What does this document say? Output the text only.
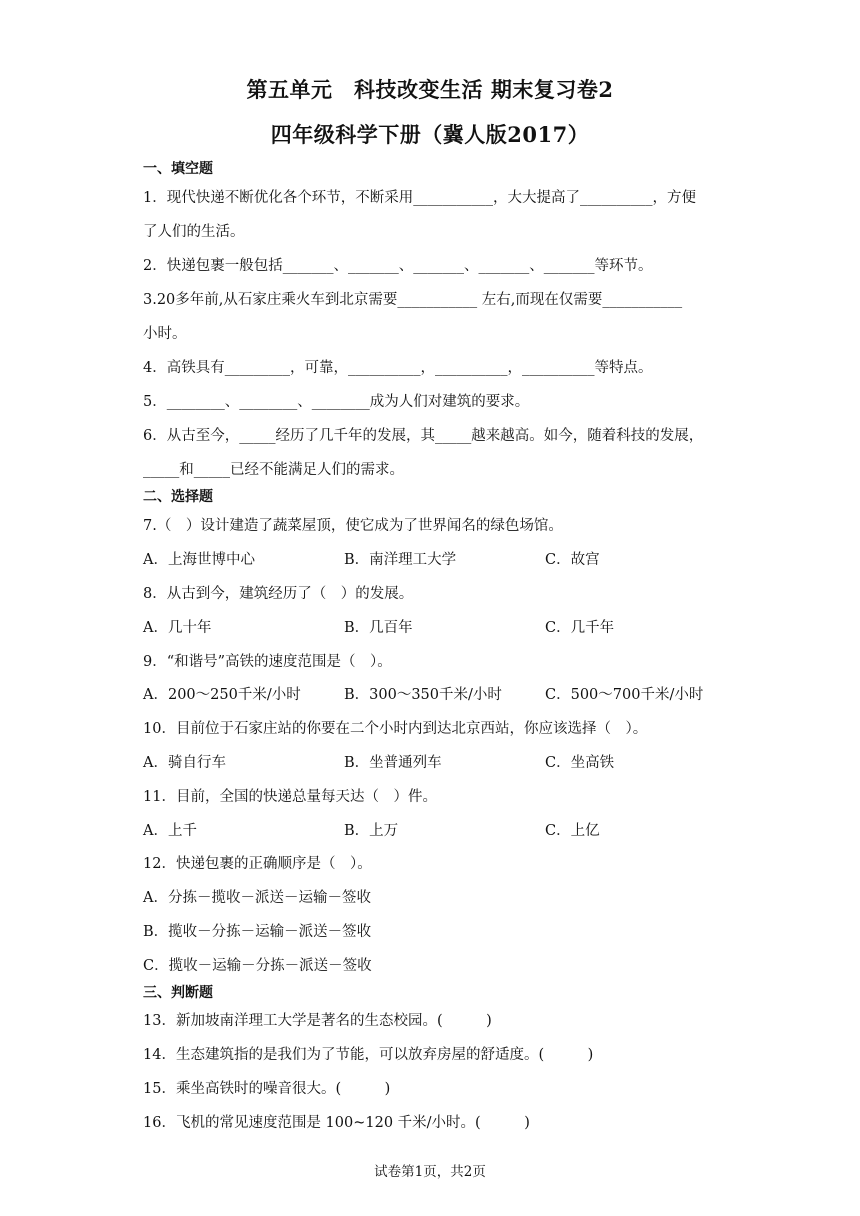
第五单元　科技改变生活 期末复习卷2
四年级科学下册（冀人版2017）
一、填空题
1．现代快递不断优化各个环节，不断采用___________，大大提高了__________，方便
了人们的生活。
2．快递包裹一般包括_______、_______、_______、_______、_______等环节。
3.20多年前,从石家庄乘火车到北京需要___________ 左右,而现在仅需要___________
小时。
4．高铁具有_________，可靠，__________，__________，__________等特点。
5．________、________、________成为人们对建筑的要求。
6．从古至今，_____经历了几千年的发展，其_____越来越高。如今，随着科技的发展，
_____和_____已经不能满足人们的需求。
二、选择题
7.（　）设计建造了蔬菜屋顶，使它成为了世界闻名的绿色场馆。
A．上海世博中心	B．南洋理工大学	C．故宫
8．从古到今，建筑经历了（　）的发展。
A．几十年	B．几百年	C．几千年
9．“和谐号”高铁的速度范围是（　）。
A．200～250千米/小时	B．300～350千米/小时	C．500～700千米/小时
10．目前位于石家庄站的你要在二个小时内到达北京西站，你应该选择（　）。
A．骑自行车	B．坐普通列车	C．坐高铁
11．目前，全国的快递总量每天达（　）件。
A．上千	B．上万	C．上亿
12．快递包裹的正确顺序是（　）。
A．分拣－揽收－派送－运输－签收
B．揽收－分拣－运输－派送－签收
C．揽收－运输－分拣－派送－签收
三、判断题
13．新加坡南洋理工大学是著名的生态校园。(　　　)
14．生态建筑指的是我们为了节能，可以放弃房屋的舒适度。(　　　)
15．乘坐高铁时的噪音很大。(　　　)
16．飞机的常见速度范围是 100~120 千米/小时。(　　　)
试卷第1页，共2页
